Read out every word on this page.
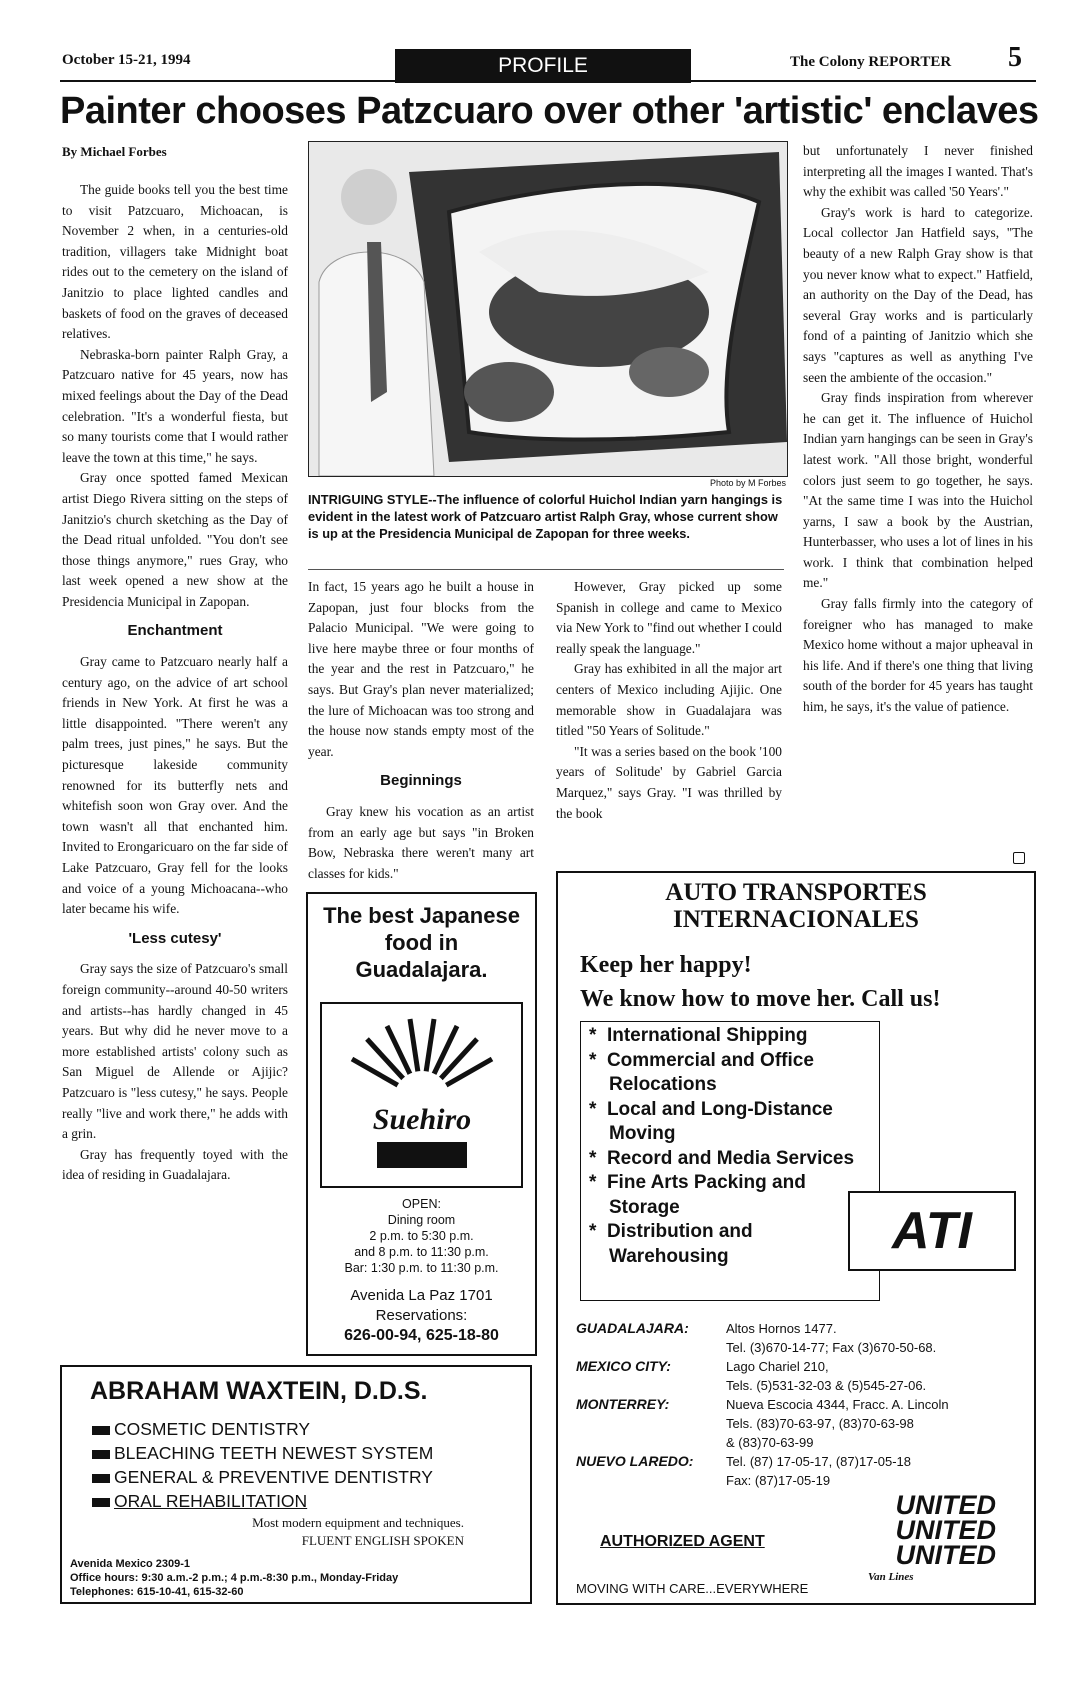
October 15-21, 1994	PROFILE	The Colony REPORTER 5
Painter chooses Patzcuaro over other 'artistic' enclaves
By Michael Forbes

The guide books tell you the best time to visit Patzcuaro, Michoacan, is November 2 when, in a centuries-old tradition, villagers take Midnight boat rides out to the cemetery on the island of Janitzio to place lighted candles and baskets of food on the graves of deceased relatives.

Nebraska-born painter Ralph Gray, a Patzcuaro native for 45 years, now has mixed feelings about the Day of the Dead celebration. "It's a wonderful fiesta, but so many tourists come that I would rather leave the town at this time," he says.

Gray once spotted famed Mexican artist Diego Rivera sitting on the steps of Janitzio's church sketching as the Day of the Dead ritual unfolded. "You don't see those things anymore," rues Gray, who last week opened a new show at the Presidencia Municipal in Zapopan.

Enchantment

Gray came to Patzcuaro nearly half a century ago, on the advice of art school friends in New York. At first he was a little disappointed. "There weren't any palm trees, just pines," he says. But the picturesque lakeside community renowned for its butterfly nets and whitefish soon won Gray over. And the town wasn't all that enchanted him. Invited to Erongaricuaro on the far side of Lake Patzcuaro, Gray fell for the looks and voice of a young Michoacana--who later became his wife.

'Less cutesy'

Gray says the size of Patzcuaro's small foreign community--around 40-50 writers and artists--has hardly changed in 45 years. But why did he never move to a more established artists' colony such as San Miguel de Allende or Ajijic? Patzcuaro is "less cutesy," he says. People really "live and work there," he adds with a grin.

Gray has frequently toyed with the idea of residing in Guadalajara.

Photo by M Forbes
INTRIGUING STYLE--The influence of colorful Huichol Indian yarn hangings is evident in the latest work of Patzcuaro artist Ralph Gray, whose current show is up at the Presidencia Municipal de Zapopan for three weeks.

In fact, 15 years ago he built a house in Zapopan, just four blocks from the Palacio Municipal. "We were going to live here maybe three or four months of the year and the rest in Patzcuaro," he says. But Gray's plan never materialized; the lure of Michoacan was too strong and the house now stands empty most of the year.

Beginnings

Gray knew his vocation as an artist from an early age but says "in Broken Bow, Nebraska there weren't many art classes for kids."

However, Gray picked up some Spanish in college and came to Mexico via New York to "find out whether I could really speak the language."

Gray has exhibited in all the major art centers of Mexico including Ajijic. One memorable show in Guadalajara was titled "50 Years of Solitude."

"It was a series based on the book '100 years of Solitude' by Gabriel Garcia Marquez," says Gray. "I was thrilled by the book

but unfortunately I never finished interpreting all the images I wanted. That's why the exhibit was called '50 Years'."

Gray's work is hard to categorize. Local collector Jan Hatfield says, "The beauty of a new Ralph Gray show is that you never know what to expect." Hatfield, an authority on the Day of the Dead, has several Gray works and is particularly fond of a painting of Janitzio which she says "captures as well as anything I've seen the ambiente of the occasion."

Gray finds inspiration from wherever he can get it. The influence of Huichol Indian yarn hangings can be seen in Gray's latest work. "All those bright, wonderful colors just seem to go together, he says. "At the same time I was into the Huichol yarns, I saw a book by the Austrian, Hunterbasser, who uses a lot of lines in his work. I think that combination helped me."

Gray falls firmly into the category of foreigner who has managed to make Mexico home without a major upheaval in his life. And if there's one thing that living south of the border for 45 years has taught him, he says, it's the value of patience.

The best Japanese food in Guadalajara.
Suehiro
OPEN:
Dining room
2 p.m. to 5:30 p.m.
and 8 p.m. to 11:30 p.m.
Bar: 1:30 p.m. to 11:30 p.m.
Avenida La Paz 1701
Reservations:
626-00-94, 625-18-80
ABRAHAM WAXTEIN, D.D.S.
COSMETIC DENTISTRY
BLEACHING TEETH NEWEST SYSTEM
GENERAL & PREVENTIVE DENTISTRY
ORAL REHABILITATION
Most modern equipment and techniques.
FLUENT ENGLISH SPOKEN
Avenida Mexico 2309-1
Office hours: 9:30 a.m.-2 p.m.; 4 p.m.-8:30 p.m., Monday-Friday
Telephones: 615-10-41, 615-32-60
AUTO TRANSPORTES
INTERNACIONALES
Keep her happy!
We know how to move her. Call us!
*  International Shipping
*  Commercial and Office Relocations
*  Local and Long-Distance Moving
*  Record and Media Services
*  Fine Arts Packing and Storage
*  Distribution and Warehousing	ATI
GUADALAJARA:	Altos Hornos 1477.
Tel. (3)670-14-77; Fax (3)670-50-68.
MEXICO CITY:	Lago Chariel 210,
Tels. (5)531-32-03 & (5)545-27-06.
MONTERREY:	Nueva Escocia 4344, Fracc. A. Lincoln
Tels. (83)70-63-97, (83)70-63-98
& (83)70-63-99
NUEVO LAREDO:	Tel. (87) 17-05-17, (87)17-05-18
Fax: (87)17-05-19
AUTHORIZED AGENT
UNITED
UNITED
UNITED
Van Lines
MOVING WITH CARE...EVERYWHERE
